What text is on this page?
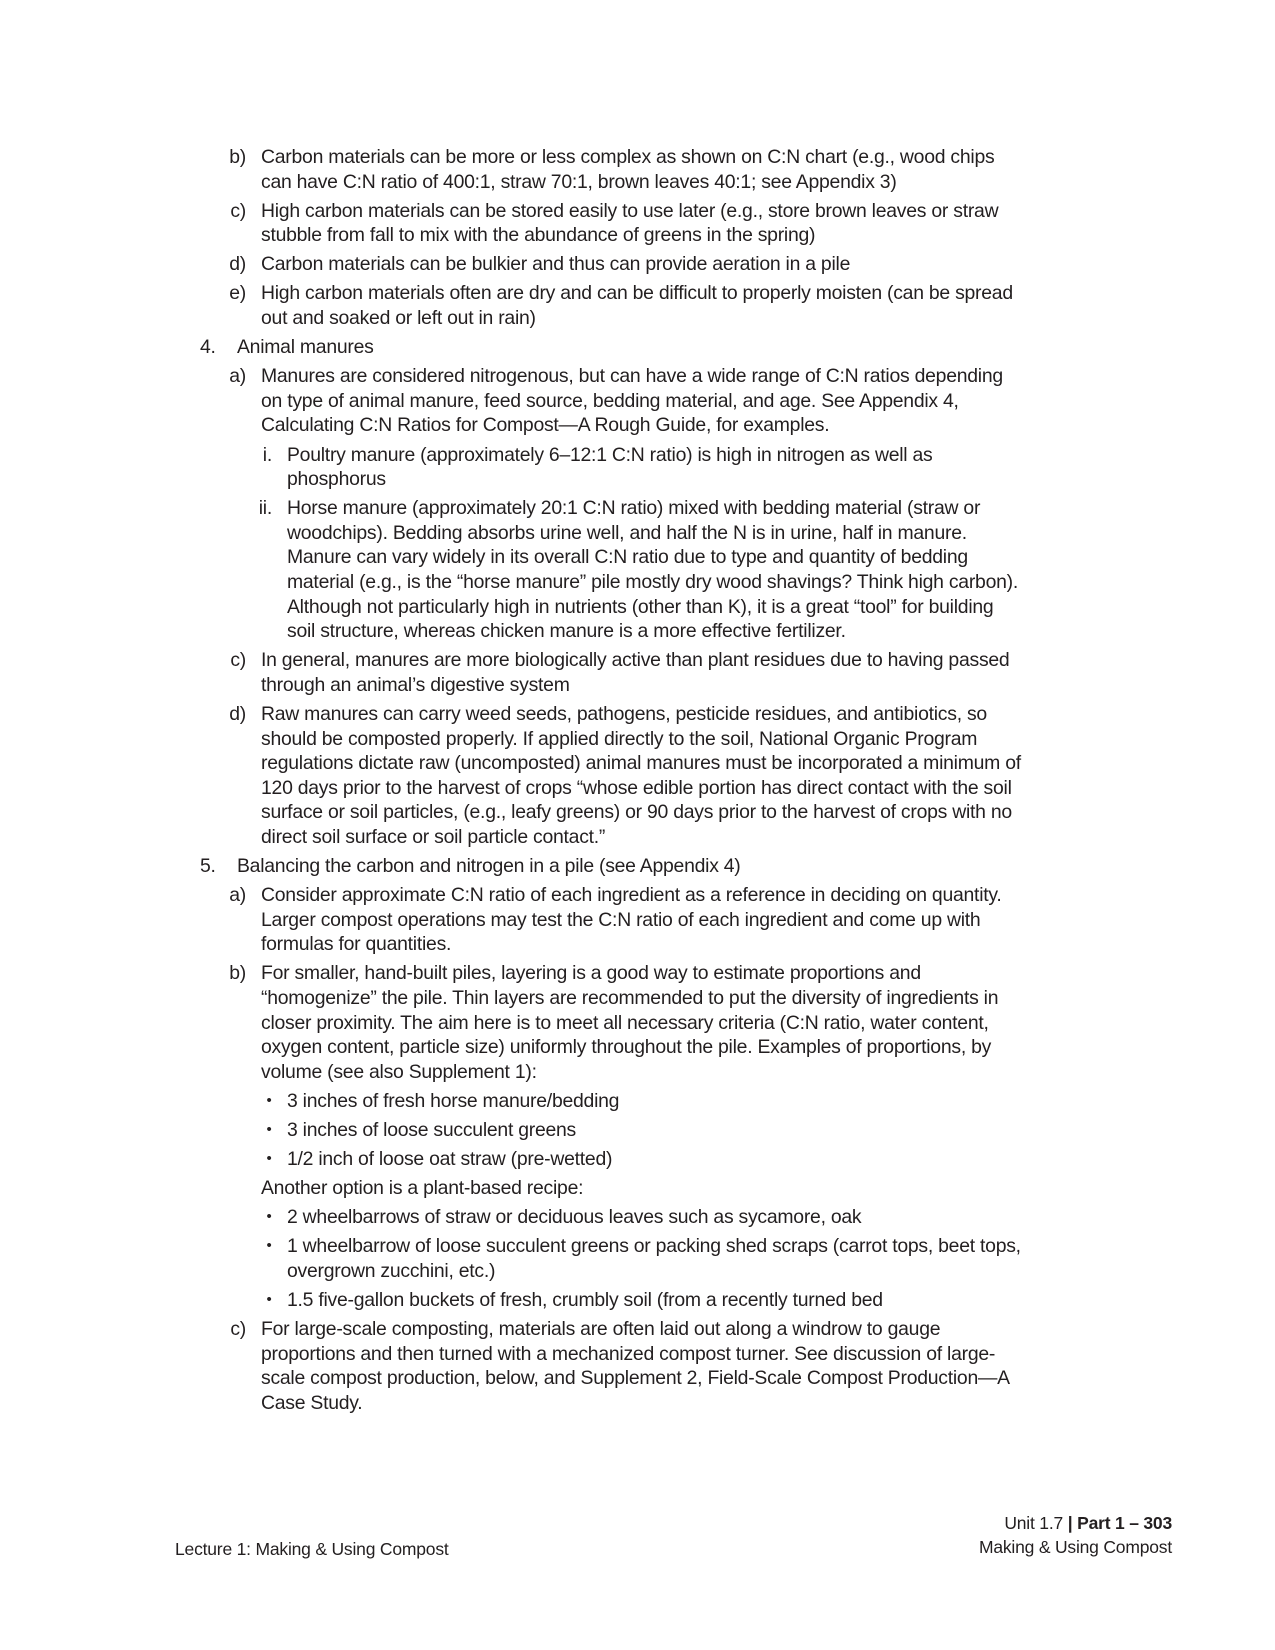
b) Carbon materials can be more or less complex as shown on C:N chart (e.g., wood chips can have C:N ratio of 400:1, straw 70:1, brown leaves 40:1; see Appendix 3)
c) High carbon materials can be stored easily to use later (e.g., store brown leaves or straw stubble from fall to mix with the abundance of greens in the spring)
d) Carbon materials can be bulkier and thus can provide aeration in a pile
e) High carbon materials often are dry and can be difficult to properly moisten (can be spread out and soaked or left out in rain)
4.	Animal manures
a) Manures are considered nitrogenous, but can have a wide range of C:N ratios depending on type of animal manure, feed source, bedding material, and age. See Appendix 4, Calculating C:N Ratios for Compost—A Rough Guide, for examples.
i. Poultry manure (approximately 6–12:1 C:N ratio) is high in nitrogen as well as phosphorus
ii. Horse manure (approximately 20:1 C:N ratio) mixed with bedding material (straw or woodchips). Bedding absorbs urine well, and half the N is in urine, half in manure. Manure can vary widely in its overall C:N ratio due to type and quantity of bedding material (e.g., is the “horse manure” pile mostly dry wood shavings? Think high carbon). Although not particularly high in nutrients (other than K), it is a great “tool” for building soil structure, whereas chicken manure is a more effective fertilizer.
c) In general, manures are more biologically active than plant residues due to having passed through an animal’s digestive system
d) Raw manures can carry weed seeds, pathogens, pesticide residues, and antibiotics, so should be composted properly. If applied directly to the soil, National Organic Program regulations dictate raw (uncomposted) animal manures must be incorporated a minimum of 120 days prior to the harvest of crops “whose edible portion has direct contact with the soil surface or soil particles, (e.g., leafy greens) or 90 days prior to the harvest of crops with no direct soil surface or soil particle contact.”
5.	Balancing the carbon and nitrogen in a pile (see Appendix 4)
a) Consider approximate C:N ratio of each ingredient as a reference in deciding on quantity. Larger compost operations may test the C:N ratio of each ingredient and come up with formulas for quantities.
b) For smaller, hand-built piles, layering is a good way to estimate proportions and “homogenize” the pile. Thin layers are recommended to put the diversity of ingredients in closer proximity. The aim here is to meet all necessary criteria (C:N ratio, water content, oxygen content, particle size) uniformly throughout the pile. Examples of proportions, by volume (see also Supplement 1):
• 3 inches of fresh horse manure/bedding
• 3 inches of loose succulent greens
• 1/2 inch of loose oat straw (pre-wetted)
Another option is a plant-based recipe:
• 2 wheelbarrows of straw or deciduous leaves such as sycamore, oak
• 1 wheelbarrow of loose succulent greens or packing shed scraps (carrot tops, beet tops, overgrown zucchini, etc.)
• 1.5 five-gallon buckets of fresh, crumbly soil (from a recently turned bed
c) For large-scale composting, materials are often laid out along a windrow to gauge proportions and then turned with a mechanized compost turner. See discussion of large-scale compost production, below, and Supplement 2, Field-Scale Compost Production—A Case Study.
Lecture 1: Making & Using Compost
Unit 1.7 | Part 1 – 303
Making & Using Compost
